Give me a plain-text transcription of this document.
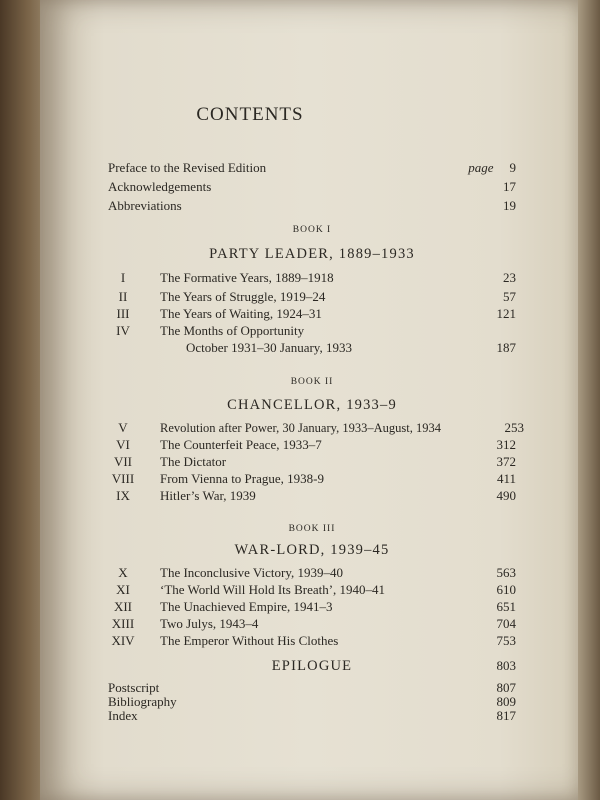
CONTENTS
Preface to the Revised Edition	page 9
Acknowledgements	17
Abbreviations	19
BOOK I
PARTY LEADER, 1889–1933
I	The Formative Years, 1889–1918	23
II	The Years of Struggle, 1919–24	57
III	The Years of Waiting, 1924–31	121
IV	The Months of Opportunity
October 1931–30 January, 1933	187
BOOK II
CHANCELLOR, 1933–9
V	Revolution after Power, 30 January, 1933–August, 1934	253
VI	The Counterfeit Peace, 1933–7	312
VII	The Dictator	372
VIII From Vienna to Prague, 1938-9	411
IX	Hitler’s War, 1939	490
BOOK III
WAR-LORD, 1939–45
X	The Inconclusive Victory, 1939–40	563
XI	‘The World Will Hold Its Breath’, 1940–41	610
XII	The Unachieved Empire, 1941–3	651
XIII Two Julys, 1943–4	704
XIV The Emperor Without His Clothes	753
EPILOGUE	803
Postscript	807
Bibliography	809
Index	817
